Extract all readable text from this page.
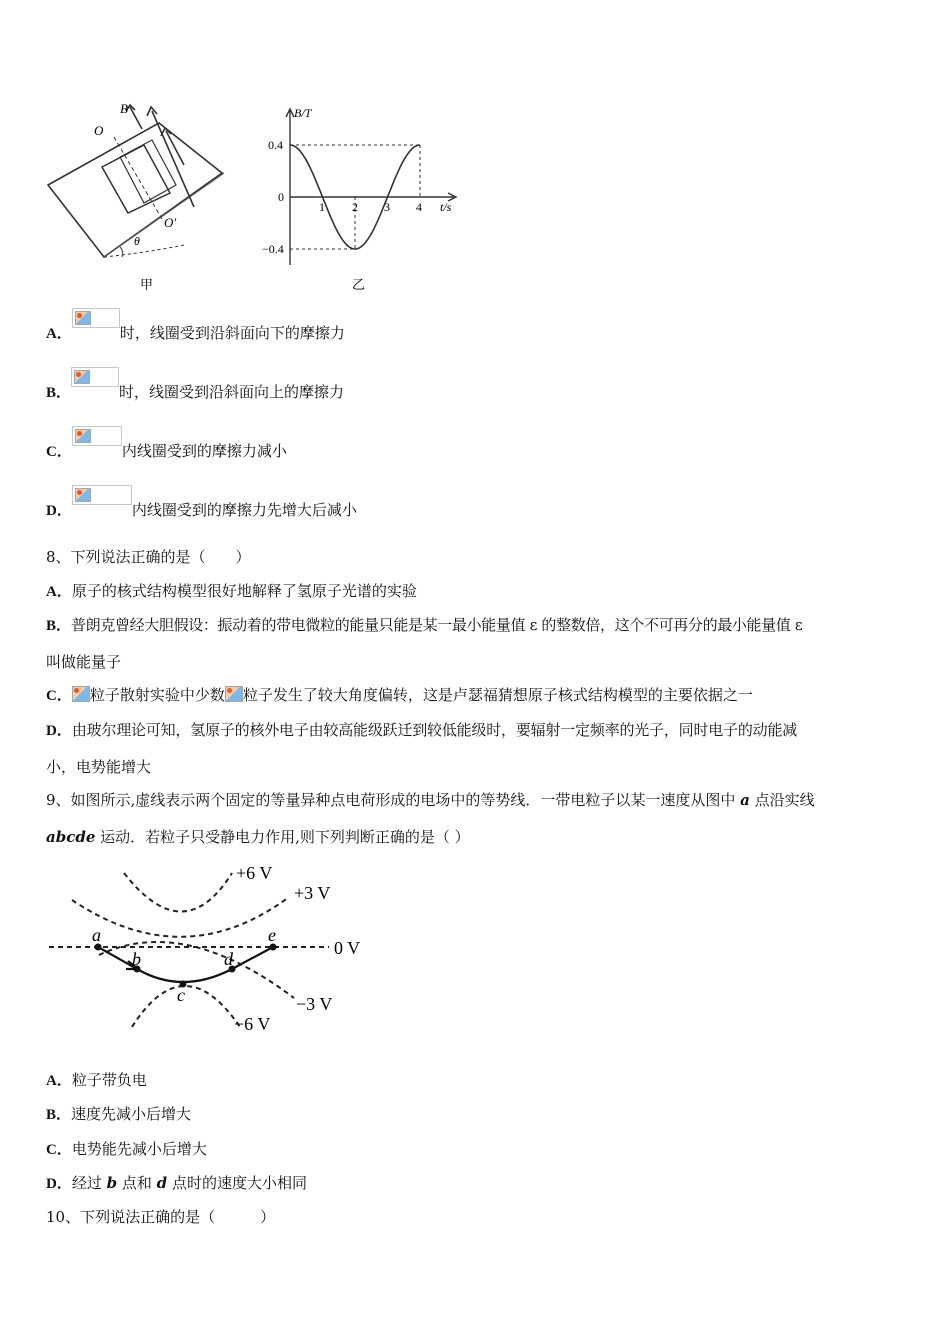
B
O
O′
θ
甲
B/T
t/s
0.4
0
−0.4
1 2 3 4
乙
A．	时，线圈受到沿斜面向下的摩擦力
B．	时，线圈受到沿斜面向上的摩擦力
C．	内线圈受到的摩擦力减小
D．	内线圈受到的摩擦力先增大后减小
8、下列说法正确的是（　　）
A．原子的核式结构模型很好地解释了氢原子光谱的实验
B．普朗克曾经大胆假设：振动着的带电微粒的能量只能是某一最小能量值 ε 的整数倍，这个不可再分的最小能量值 ε
叫做能量子
C． 粒子散射实验中少数 粒子发生了较大角度偏转，这是卢瑟福猜想原子核式结构模型的主要依据之一
D．由玻尔理论可知，氢原子的核外电子由较高能级跃迁到较低能级时，要辐射一定频率的光子，同时电子的动能减
小，电势能增大
9、如图所示,虚线表示两个固定的等量异种点电荷形成的电场中的等势线．一带电粒子以某一速度从图中 a 点沿实线
abcde 运动．若粒子只受静电力作用,则下列判断正确的是（ ）
+6 V
+3 V
0 V
−3 V
−6 V
a
b
c
d
e
A．粒子带负电
B．速度先减小后增大
C．电势能先减小后增大
D．经过 b 点和 d 点时的速度大小相同
10、下列说法正确的是（　　　）
